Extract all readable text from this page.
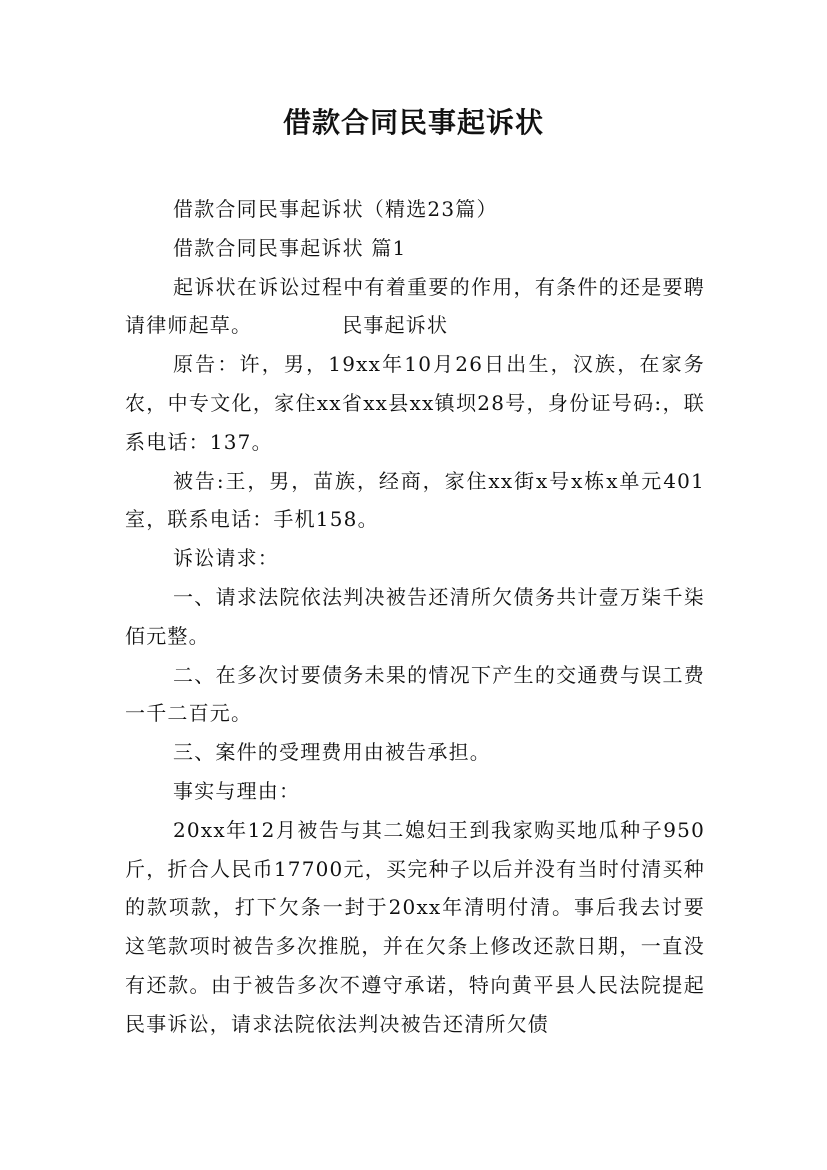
借款合同民事起诉状

借款合同民事起诉状（精选23篇）

借款合同民事起诉状 篇1

起诉状在诉讼过程中有着重要的作用，有条件的还是要聘请律师起草。	民事起诉状

原告：许，男，19xx年10月26日出生，汉族，在家务农，中专文化，家住xx省xx县xx镇坝28号，身份证号码:，联系电话：137。

被告:王，男，苗族，经商，家住xx街x号x栋x单元401室，联系电话：手机158。

诉讼请求：

一、请求法院依法判决被告还清所欠债务共计壹万柒千柒佰元整。

二、在多次讨要债务未果的情况下产生的交通费与误工费一千二百元。

三、案件的受理费用由被告承担。

事实与理由：

20xx年12月被告与其二媳妇王到我家购买地瓜种子950斤，折合人民币17700元，买完种子以后并没有当时付清买种的款项款，打下欠条一封于20xx年清明付清。事后我去讨要这笔款项时被告多次推脱，并在欠条上修改还款日期，一直没有还款。由于被告多次不遵守承诺，特向黄平县人民法院提起民事诉讼，请求法院依法判决被告还清所欠债
